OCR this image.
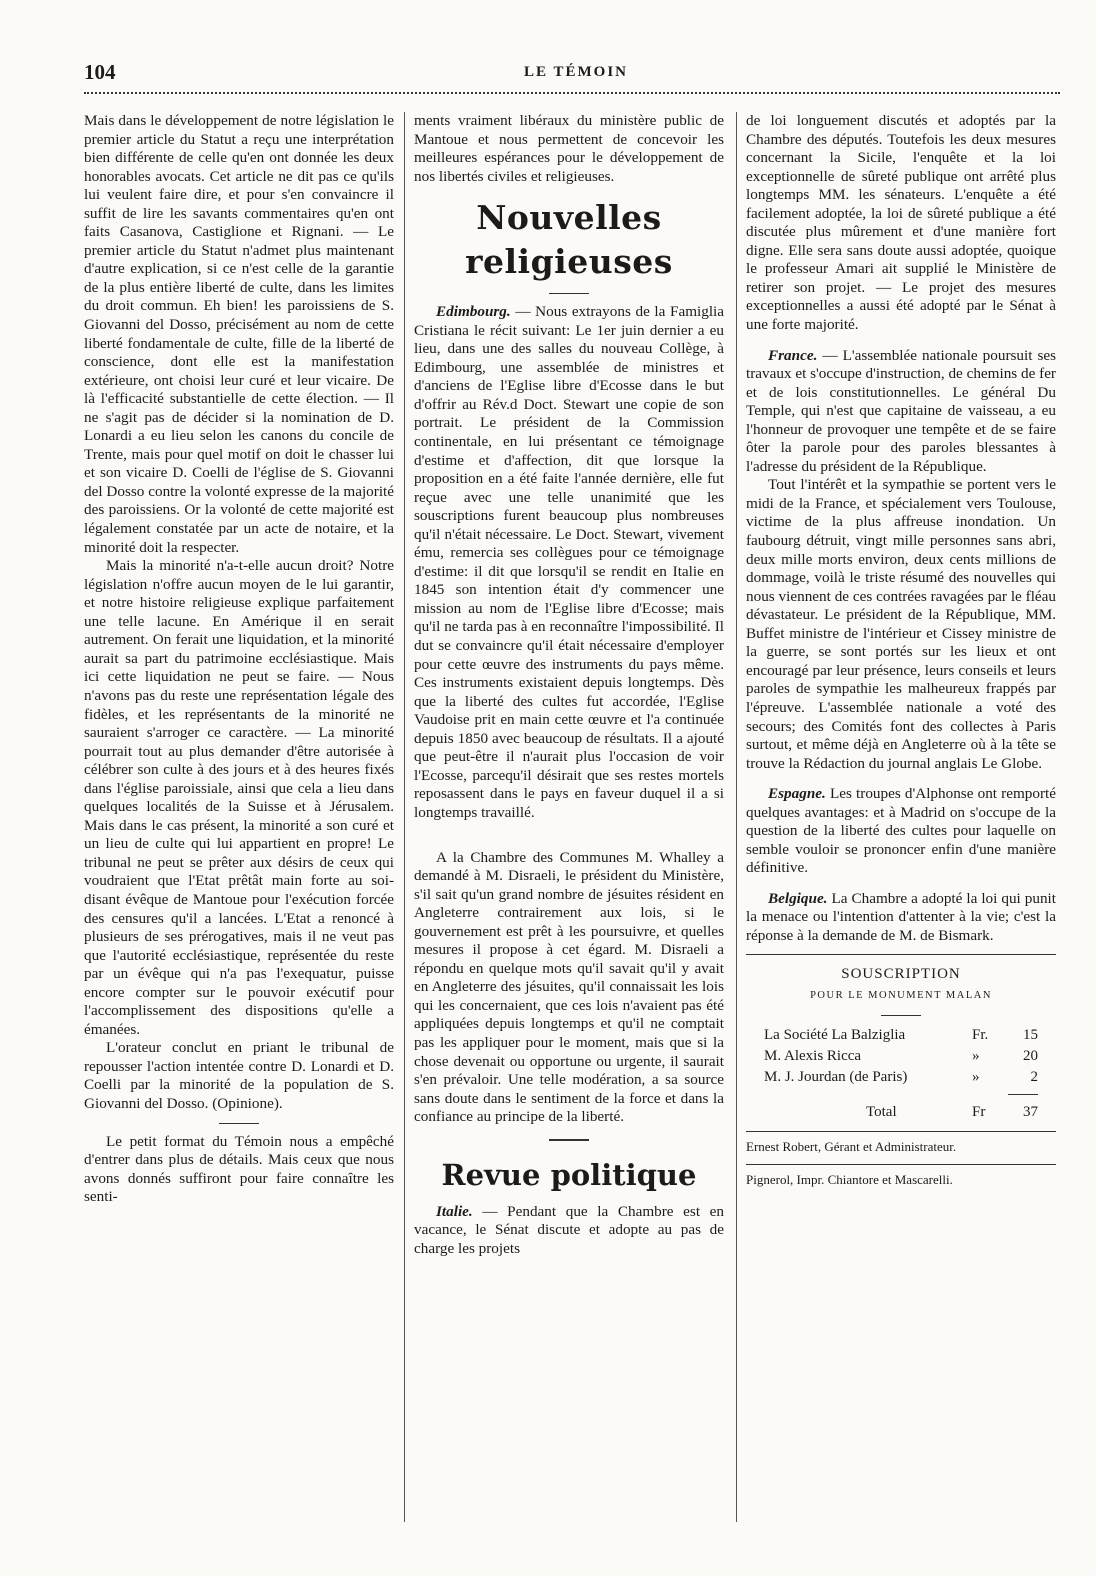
104	LE TÉMOIN

Mais dans le développement de notre législation le premier article du Statut a reçu une interprétation bien différente de celle qu'en ont donnée les deux honorables avocats. Cet article ne dit pas ce qu'ils lui veulent faire dire, et pour s'en convaincre il suffit de lire les savants commentaires qu'en ont faits Casanova, Castiglione et Rignani. — Le premier article du Statut n'admet plus maintenant d'autre explication, si ce n'est celle de la garantie de la plus entière liberté de culte, dans les limites du droit commun. Eh bien! les paroissiens de S. Giovanni del Dosso, précisément au nom de cette liberté fondamentale de culte, fille de la liberté de conscience, dont elle est la manifestation extérieure, ont choisi leur curé et leur vicaire. De là l'efficacité substantielle de cette élection. — Il ne s'agit pas de décider si la nomination de D. Lonardi a eu lieu selon les canons du concile de Trente, mais pour quel motif on doit le chasser lui et son vicaire D. Coelli de l'église de S. Giovanni del Dosso contre la volonté expresse de la majorité des paroissiens. Or la volonté de cette majorité est légalement constatée par un acte de notaire, et la minorité doit la respecter.

Mais la minorité n'a-t-elle aucun droit? Notre législation n'offre aucun moyen de le lui garantir, et notre histoire religieuse explique parfaitement une telle lacune. En Amérique il en serait autrement. On ferait une liquidation, et la minorité aurait sa part du patrimoine ecclésiastique. Mais ici cette liquidation ne peut se faire. — Nous n'avons pas du reste une représentation légale des fidèles, et les représentants de la minorité ne sauraient s'arroger ce caractère. — La minorité pourrait tout au plus demander d'être autorisée à célébrer son culte à des jours et à des heures fixés dans l'église paroissiale, ainsi que cela a lieu dans quelques localités de la Suisse et à Jérusalem. Mais dans le cas présent, la minorité a son curé et un lieu de culte qui lui appartient en propre! Le tribunal ne peut se prêter aux désirs de ceux qui voudraient que l'Etat prêtât main forte au soi-disant évêque de Mantoue pour l'exécution forcée des censures qu'il a lancées. L'Etat a renoncé à plusieurs de ses prérogatives, mais il ne veut pas que l'autorité ecclésiastique, représentée du reste par un évêque qui n'a pas l'exequatur, puisse encore compter sur le pouvoir exécutif pour l'accomplissement des dispositions qu'elle a émanées.

L'orateur conclut en priant le tribunal de repousser l'action intentée contre D. Lonardi et D. Coelli par la minorité de la population de S. Giovanni del Dosso. (Opinione).

Le petit format du Témoin nous a empêché d'entrer dans plus de détails. Mais ceux que nous avons donnés suffiront pour faire connaître les senti-

ments vraiment libéraux du ministère public de Mantoue et nous permettent de concevoir les meilleures espérances pour le développement de nos libertés civiles et religieuses.

Nouvelles religieuses

Edimbourg. — Nous extrayons de la Famiglia Cristiana le récit suivant: Le 1er juin dernier a eu lieu, dans une des salles du nouveau Collège, à Edimbourg, une assemblée de ministres et d'anciens de l'Eglise libre d'Ecosse dans le but d'offrir au Rév.d Doct. Stewart une copie de son portrait. Le président de la Commission continentale, en lui présentant ce témoignage d'estime et d'affection, dit que lorsque la proposition en a été faite l'année dernière, elle fut reçue avec une telle unanimité que les souscriptions furent beaucoup plus nombreuses qu'il n'était nécessaire. Le Doct. Stewart, vivement ému, remercia ses collègues pour ce témoignage d'estime: il dit que lorsqu'il se rendit en Italie en 1845 son intention était d'y commencer une mission au nom de l'Eglise libre d'Ecosse; mais qu'il ne tarda pas à en reconnaître l'impossibilité. Il dut se convaincre qu'il était nécessaire d'employer pour cette œuvre des instruments du pays même. Ces instruments existaient depuis longtemps. Dès que la liberté des cultes fut accordée, l'Eglise Vaudoise prit en main cette œuvre et l'a continuée depuis 1850 avec beaucoup de résultats. Il a ajouté que peut-être il n'aurait plus l'occasion de voir l'Ecosse, parcequ'il désirait que ses restes mortels reposassent dans le pays en faveur duquel il a si longtemps travaillé.

A la Chambre des Communes M. Whalley a demandé à M. Disraeli, le président du Ministère, s'il sait qu'un grand nombre de jésuites résident en Angleterre contrairement aux lois, si le gouvernement est prêt à les poursuivre, et quelles mesures il propose à cet égard. M. Disraeli a répondu en quelque mots qu'il savait qu'il y avait en Angleterre des jésuites, qu'il connaissait les lois qui les concernaient, que ces lois n'avaient pas été appliquées depuis longtemps et qu'il ne comptait pas les appliquer pour le moment, mais que si la chose devenait ou opportune ou urgente, il saurait s'en prévaloir. Une telle modération, a sa source sans doute dans le sentiment de la force et dans la confiance au principe de la liberté.

Revue politique

Italie. — Pendant que la Chambre est en vacance, le Sénat discute et adopte au pas de charge les projets

de loi longuement discutés et adoptés par la Chambre des députés. Toutefois les deux mesures concernant la Sicile, l'enquête et la loi exceptionnelle de sûreté publique ont arrêté plus longtemps MM. les sénateurs. L'enquête a été facilement adoptée, la loi de sûreté publique a été discutée plus mûrement et d'une manière fort digne. Elle sera sans doute aussi adoptée, quoique le professeur Amari ait supplié le Ministère de retirer son projet. — Le projet des mesures exceptionnelles a aussi été adopté par le Sénat à une forte majorité.

France. — L'assemblée nationale poursuit ses travaux et s'occupe d'instruction, de chemins de fer et de lois constitutionnelles. Le général Du Temple, qui n'est que capitaine de vaisseau, a eu l'honneur de provoquer une tempête et de se faire ôter la parole pour des paroles blessantes à l'adresse du président de la République.

Tout l'intérêt et la sympathie se portent vers le midi de la France, et spécialement vers Toulouse, victime de la plus affreuse inondation. Un faubourg détruit, vingt mille personnes sans abri, deux mille morts environ, deux cents millions de dommage, voilà le triste résumé des nouvelles qui nous viennent de ces contrées ravagées par le fléau dévastateur. Le président de la République, MM. Buffet ministre de l'intérieur et Cissey ministre de la guerre, se sont portés sur les lieux et ont encouragé par leur présence, leurs conseils et leurs paroles de sympathie les malheureux frappés par l'épreuve. L'assemblée nationale a voté des secours; des Comités font des collectes à Paris surtout, et même déjà en Angleterre où à la tête se trouve la Rédaction du journal anglais Le Globe.

Espagne. Les troupes d'Alphonse ont remporté quelques avantages: et à Madrid on s'occupe de la question de la liberté des cultes pour laquelle on semble vouloir se prononcer enfin d'une manière définitive.

Belgique. La Chambre a adopté la loi qui punit la menace ou l'intention d'attenter à la vie; c'est la réponse à la demande de M. de Bismark.

SOUSCRIPTION
POUR LE MONUMENT MALAN
La Société La Balziglia	Fr.	15
M. Alexis Ricca	»	20
M. J. Jourdan (de Paris)	»	2
Total	Fr	37
Ernest Robert, Gérant et Administrateur.
Pignerol, Impr. Chiantore et Mascarelli.
